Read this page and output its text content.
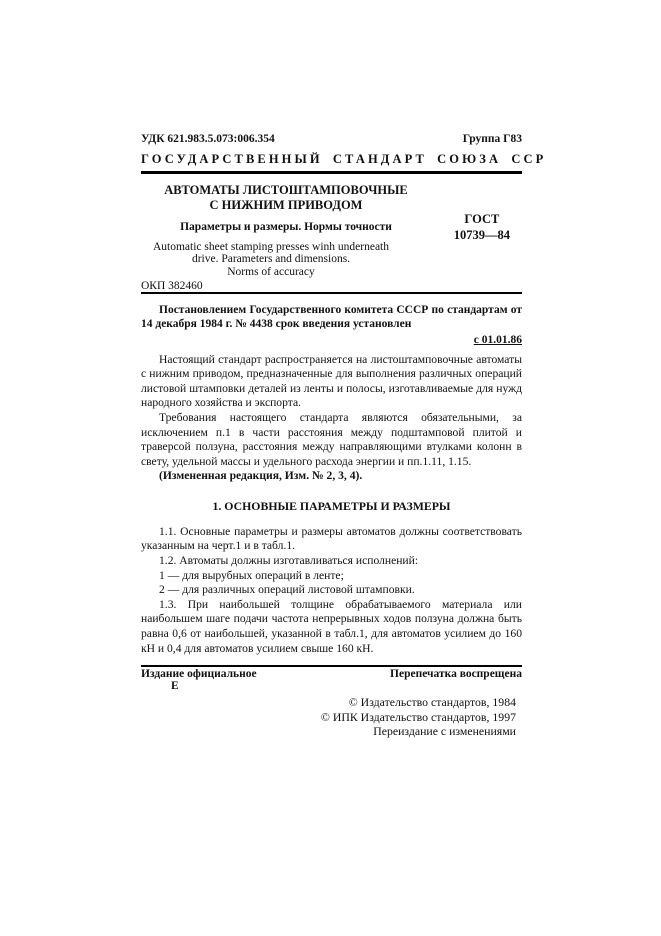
УДК 621.983.5.073:006.354	Группа Г83
ГОСУДАРСТВЕННЫЙ СТАНДАРТ СОЮЗА ССР
АВТОМАТЫ ЛИСТОШТАМПОВОЧНЫЕ
С НИЖНИМ ПРИВОДОМ
Параметры и размеры. Нормы точности
ГОСТ
10739—84
Automatic sheet stamping presses winh underneath
drive. Parameters and dimensions.
Norms of accuracy
ОКП 382460
Постановлением Государственного комитета СССР по стандартам от 14 декабря 1984 г. № 4438 срок введения установлен
с 01.01.86

Настоящий стандарт распространяется на листоштамповочные автоматы с нижним приводом, предназначенные для выполнения различных операций листовой штамповки деталей из ленты и полосы, изготавливаемые для нужд народного хозяйства и экспорта.

Требования настоящего стандарта являются обязательными, за исключением п.1 в части расстояния между подштамповой плитой и траверсой ползуна, расстояния между направляющими втулками колонн в свету, удельной массы и удельного расхода энергии и пп.1.11, 1.15.

(Измененная редакция, Изм. № 2, 3, 4).

1. ОСНОВНЫЕ ПАРАМЕТРЫ И РАЗМЕРЫ

1.1. Основные параметры и размеры автоматов должны соответствовать указанным на черт.1 и в табл.1.

1.2. Автоматы должны изготавливаться исполнений:

1 — для вырубных операций в ленте;

2 — для различных операций листовой штамповки.

1.3. При наибольшей толщине обрабатываемого материала или наибольшем шаге подачи частота непрерывных ходов ползуна должна быть равна 0,6 от наибольшей, указанной в табл.1, для автоматов усилием до 160 кН и 0,4 для автоматов усилием свыше 160 кН.

Издание официальное	Перепечатка воспрещена
Е
© Издательство стандартов, 1984
© ИПК Издательство стандартов, 1997
Переиздание с изменениями
